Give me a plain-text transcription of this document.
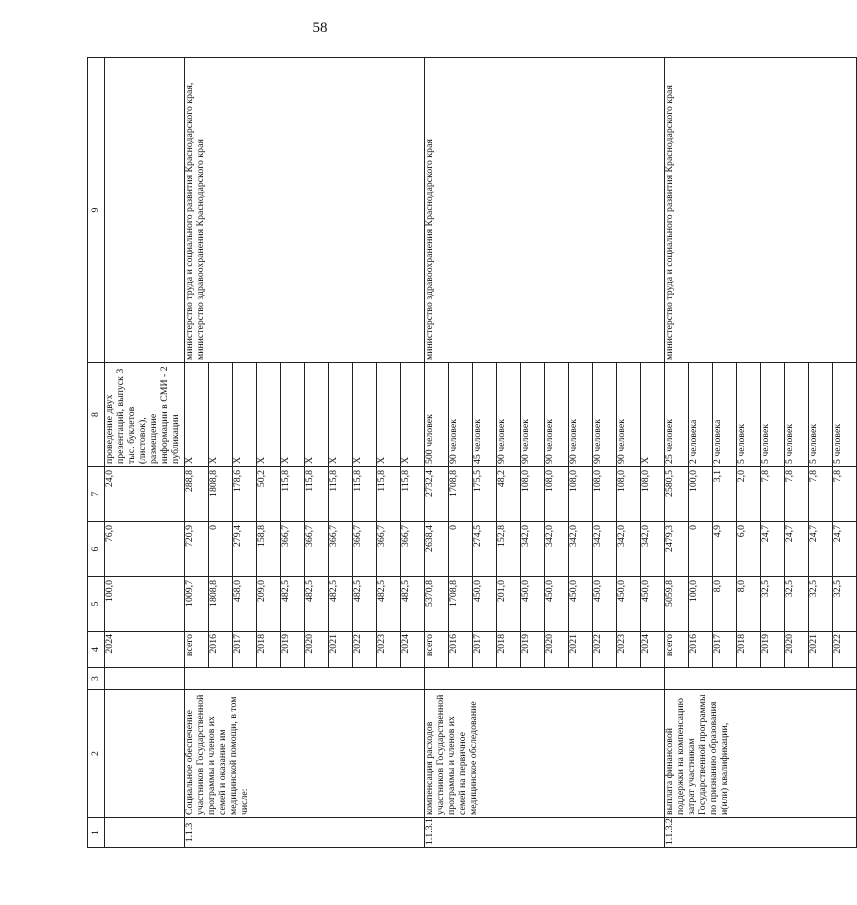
58
1	2	3	4	5	6	7	8	9
			2024	100,0	76,0	24,0	проведение двух презентаций, выпуск 3 тыс. буклетов (листовок), размещение информации в СМИ - 2 публикации	
1.1.3	Социальное обеспечение участников Государственной программы и членов их семей и оказание им медицинской помощи, в том числе:		всего	1009,7	720,9	288,8	X	министерство труда и социального развития Краснодарского края, министерство здравоохранения Краснодарского края
			2016	1808,8	0	1808,8	X	
			2017	458,0	279,4	178,6	X	
			2018	209,0	158,8	50,2	X	
			2019	482,5	366,7	115,8	X	
			2020	482,5	366,7	115,8	X	
			2021	482,5	366,7	115,8	X	
			2022	482,5	366,7	115,8	X	
			2023	482,5	366,7	115,8	X	
			2024	482,5	366,7	115,8	X	
1.1.3.1	компенсация расходов участников Государственной программы и членов их семей на первичное медицинское обследование		всего	5370,8	2638,4	2732,4	500 человек	министерство здравоохранения Краснодарского края
			2016	1708,8	0	1708,8	90 человек	
			2017	450,0	274,5	175,5	45 человек	
			2018	201,0	152,8	48,2	90 человек	
			2019	450,0	342,0	108,0	90 человек	
			2020	450,0	342,0	108,0	90 человек	
			2021	450,0	342,0	108,0	90 человек	
			2022	450,0	342,0	108,0	90 человек	
			2023	450,0	342,0	108,0	90 человек	
			2024	450,0	342,0	108,0	X	
1.1.3.2	выплата финансовой поддержки на компенсацию затрат участникам Государственной программы по признанию образования и(или) квалификации,		всего	5059,8	2479,3	2580,5	25 человек	министерство труда и социального развития Краснодарского края
			2016	100,0	0	100,0	2 человека	
			2017	8,0	4,9	3,1	2 человека	
			2018	8,0	6,0	2,0	5 человек	
			2019	32,5	24,7	7,8	5 человек	
			2020	32,5	24,7	7,8	5 человек	
			2021	32,5	24,7	7,8	5 человек	
			2022	32,5	24,7	7,8	5 человек	
